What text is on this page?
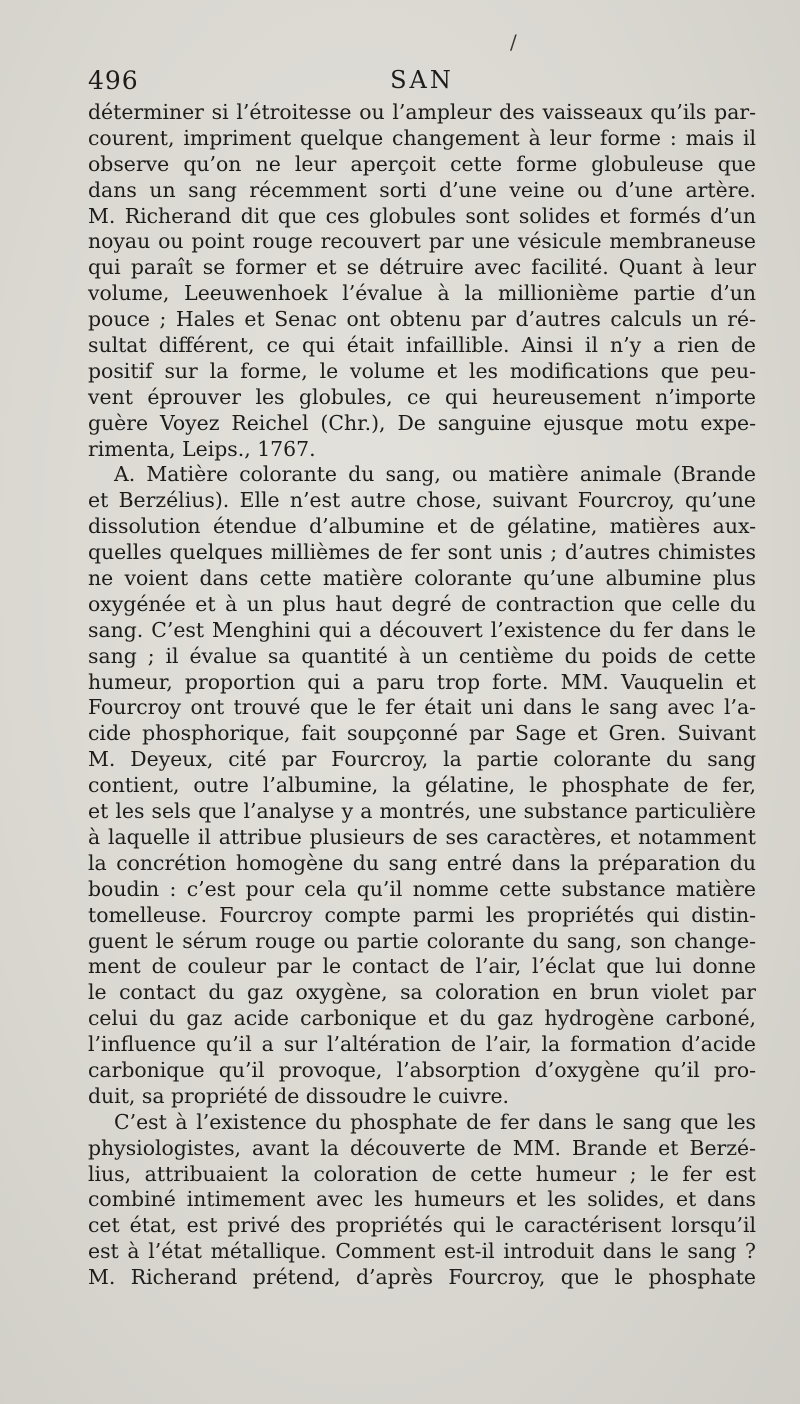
/
496	SAN
déterminer si l’étroitesse ou l’ampleur des vaisseaux qu’ils par-
courent, impriment quelque changement à leur forme : mais il
observe qu’on ne leur aperçoit cette forme globuleuse que
dans un sang récemment sorti d’une veine ou d’une artère.
M. Richerand dit que ces globules sont solides et formés d’un
noyau ou point rouge recouvert par une vésicule membraneuse
qui paraît se former et se détruire avec facilité. Quant à leur
volume, Leeuwenhoek l’évalue à la millionième partie d’un
pouce ; Hales et Senac ont obtenu par d’autres calculs un ré-
sultat différent, ce qui était infaillible. Ainsi il n’y a rien de
positif sur la forme, le volume et les modifications que peu-
vent éprouver les globules, ce qui heureusement n’importe
guère Voyez Reichel (Chr.), De sanguine ejusque motu expe-
rimenta, Leips., 1767.
A. Matière colorante du sang, ou matière animale (Brande
et Berzélius). Elle n’est autre chose, suivant Fourcroy, qu’une
dissolution étendue d’albumine et de gélatine, matières aux-
quelles quelques millièmes de fer sont unis ; d’autres chimistes
ne voient dans cette matière colorante qu’une albumine plus
oxygénée et à un plus haut degré de contraction que celle du
sang. C’est Menghini qui a découvert l’existence du fer dans le
sang ; il évalue sa quantité à un centième du poids de cette
humeur, proportion qui a paru trop forte. MM. Vauquelin et
Fourcroy ont trouvé que le fer était uni dans le sang avec l’a-
cide phosphorique, fait soupçonné par Sage et Gren. Suivant
M. Deyeux, cité par Fourcroy, la partie colorante du sang
contient, outre l’albumine, la gélatine, le phosphate de fer,
et les sels que l’analyse y a montrés, une substance particulière
à laquelle il attribue plusieurs de ses caractères, et notamment
la concrétion homogène du sang entré dans la préparation du
boudin : c’est pour cela qu’il nomme cette substance matière
tomelleuse. Fourcroy compte parmi les propriétés qui distin-
guent le sérum rouge ou partie colorante du sang, son change-
ment de couleur par le contact de l’air, l’éclat que lui donne
le contact du gaz oxygène, sa coloration en brun violet par
celui du gaz acide carbonique et du gaz hydrogène carboné,
l’influence qu’il a sur l’altération de l’air, la formation d’acide
carbonique qu’il provoque, l’absorption d’oxygène qu’il pro-
duit, sa propriété de dissoudre le cuivre.
C’est à l’existence du phosphate de fer dans le sang que les
physiologistes, avant la découverte de MM. Brande et Berzé-
lius, attribuaient la coloration de cette humeur ; le fer est
combiné intimement avec les humeurs et les solides, et dans
cet état, est privé des propriétés qui le caractérisent lorsqu’il
est à l’état métallique. Comment est-il introduit dans le sang ?
M. Richerand prétend, d’après Fourcroy, que le phosphate
